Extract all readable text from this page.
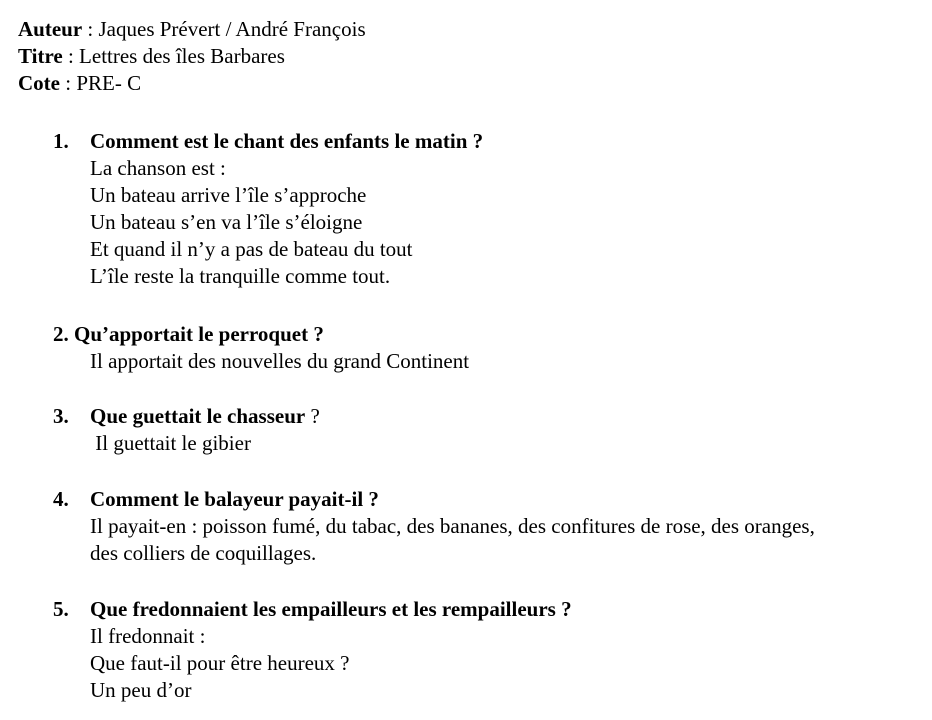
Auteur : Jaques Prévert / André François
Titre : Lettres des îles Barbares
Cote : PRE- C
1. Comment est le chant des enfants le matin ?
La chanson est :
Un bateau arrive l’île s’approche
Un bateau s’en va l’île s’éloigne
Et quand il n’y a pas de bateau du tout
L’île reste la tranquille comme tout.
2. Qu’apportait le perroquet ?
Il apportait des nouvelles du grand Continent
3. Que guettait le chasseur ?
Il guettait le gibier
4. Comment le balayeur payait-il ?
Il payait-en : poisson fumé, du tabac, des bananes, des confitures de rose, des oranges,
des colliers de coquillages.
5. Que fredonnaient les empailleurs et les rempailleurs ?
Il fredonnait :
Que faut-il pour être heureux ?
Un peu d’or
